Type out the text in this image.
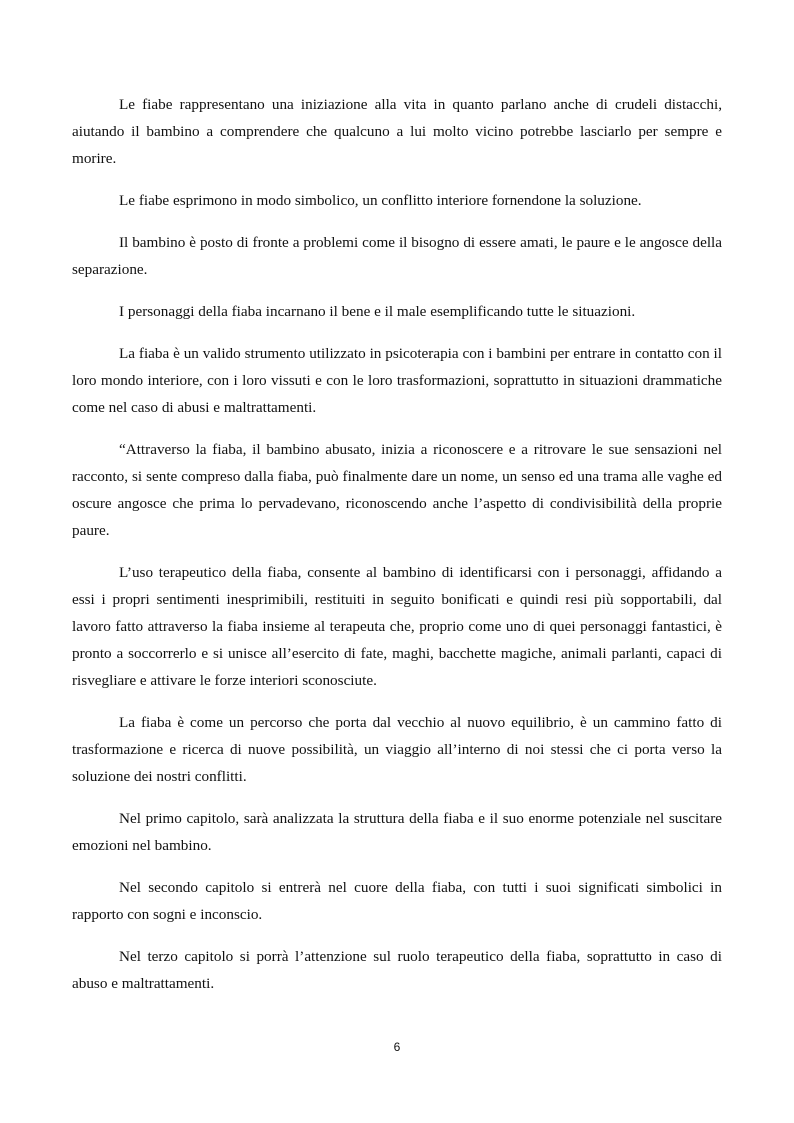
Le fiabe rappresentano una iniziazione alla vita in quanto parlano anche di crudeli distacchi, aiutando il bambino a comprendere che qualcuno a lui molto vicino potrebbe lasciarlo per sempre e morire.

Le fiabe esprimono in modo simbolico, un conflitto interiore fornendone la soluzione.

Il bambino è posto di fronte a problemi come il bisogno di essere amati, le paure e le angosce della separazione.

I personaggi della fiaba incarnano il bene e il male esemplificando tutte le situazioni.

La fiaba è un valido strumento utilizzato in psicoterapia con i bambini per entrare in contatto con il loro mondo interiore, con i loro vissuti e con le loro trasformazioni, soprattutto in situazioni drammatiche come nel caso di abusi e maltrattamenti.

“Attraverso la fiaba, il bambino abusato, inizia a riconoscere e a ritrovare le sue sensazioni nel racconto, si sente compreso dalla fiaba, può finalmente dare un nome, un senso ed una trama alle vaghe ed oscure angosce che prima lo pervadevano, riconoscendo anche l’aspetto di condivisibilità della proprie paure.

L’uso terapeutico della fiaba, consente al bambino di identificarsi con i personaggi, affidando a essi i propri sentimenti inesprimibili, restituiti in seguito bonificati e quindi resi più sopportabili, dal lavoro fatto attraverso la fiaba insieme al terapeuta che, proprio come uno di quei personaggi fantastici, è pronto a soccorrerlo e si unisce all’esercito di fate, maghi, bacchette magiche, animali parlanti, capaci di risvegliare e attivare le forze interiori sconosciute.

La fiaba è come un percorso che porta dal vecchio al nuovo equilibrio, è un cammino fatto di trasformazione e ricerca di nuove possibilità, un viaggio all’interno di noi stessi che ci porta verso la soluzione dei nostri conflitti.

Nel primo capitolo, sarà analizzata la struttura della fiaba e il suo enorme potenziale nel suscitare emozioni nel bambino.

Nel secondo capitolo si entrerà nel cuore della fiaba, con tutti i suoi significati simbolici in rapporto con sogni e inconscio.

Nel terzo capitolo si porrà l’attenzione sul ruolo terapeutico della fiaba, soprattutto in caso di abuso e maltrattamenti.

6
